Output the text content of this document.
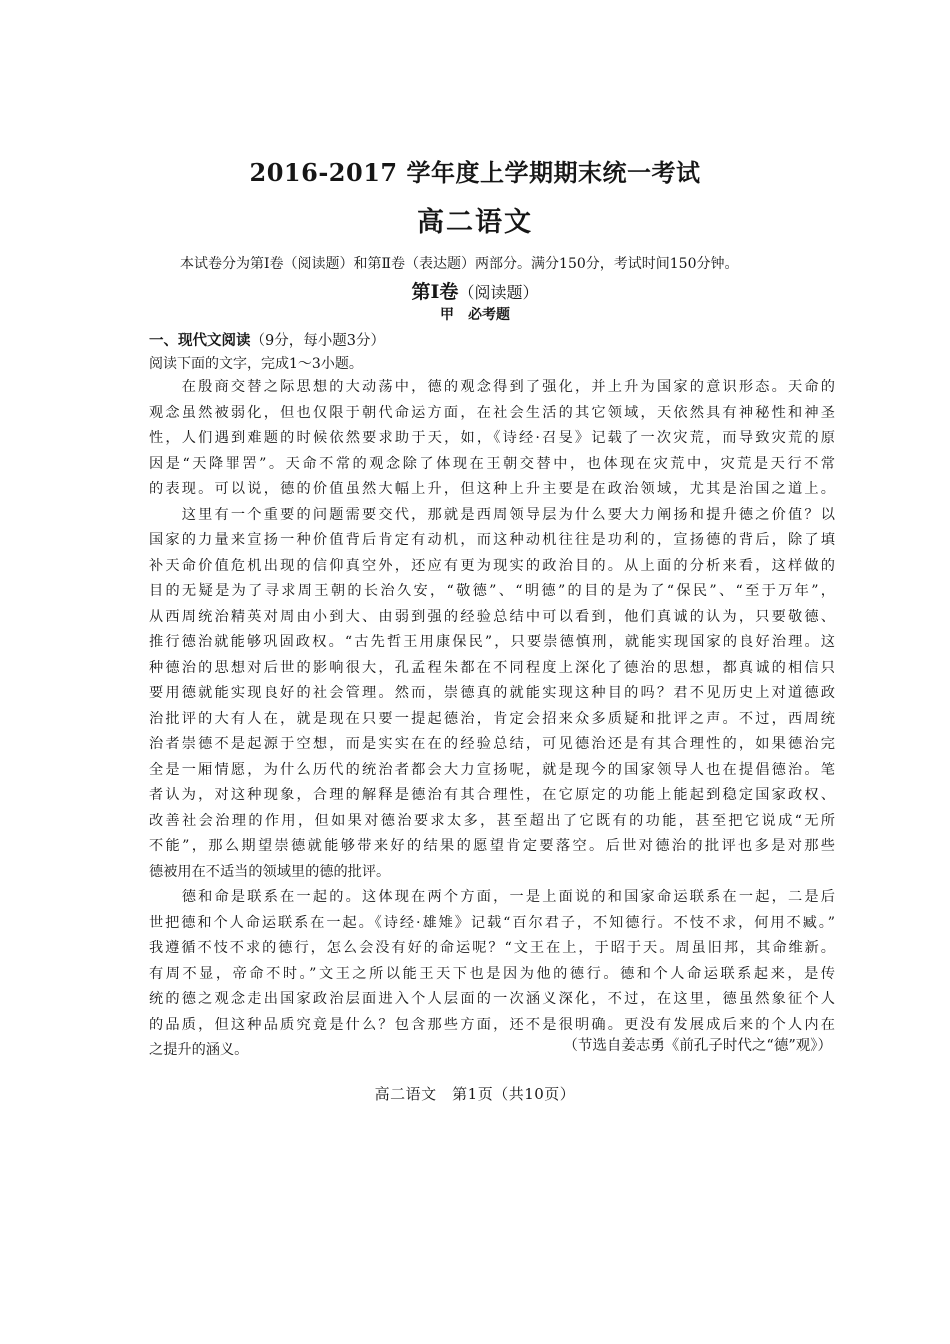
2016-2017 学年度上学期期末统一考试
高二语文
本试卷分为第Ⅰ卷（阅读题）和第Ⅱ卷（表达题）两部分。满分150分，考试时间150分钟。
第Ⅰ卷（阅读题）
甲　必考题
一、现代文阅读（9分，每小题3分）
阅读下面的文字，完成1～3小题。

　　在殷商交替之际思想的大动荡中，德的观念得到了强化，并上升为国家的意识形态。天命的
观念虽然被弱化，但也仅限于朝代命运方面，在社会生活的其它领域，天依然具有神秘性和神圣
性，人们遇到难题的时候依然要求助于天，如，《诗经·召旻》记载了一次灾荒，而导致灾荒的原
因是“天降罪罟”。天命不常的观念除了体现在王朝交替中，也体现在灾荒中，灾荒是天行不常
的表现。可以说，德的价值虽然大幅上升，但这种上升主要是在政治领域，尤其是治国之道上。

　　这里有一个重要的问题需要交代，那就是西周领导层为什么要大力阐扬和提升德之价值？以
国家的力量来宣扬一种价值背后肯定有动机，而这种动机往往是功利的，宣扬德的背后，除了填
补天命价值危机出现的信仰真空外，还应有更为现实的政治目的。从上面的分析来看，这样做的
目的无疑是为了寻求周王朝的长治久安，“敬德”、“明德”的目的是为了“保民”、“至于万年”，
从西周统治精英对周由小到大、由弱到强的经验总结中可以看到，他们真诚的认为，只要敬德、
推行德治就能够巩固政权。“古先哲王用康保民”，只要崇德慎刑，就能实现国家的良好治理。这
种德治的思想对后世的影响很大，孔孟程朱都在不同程度上深化了德治的思想，都真诚的相信只
要用德就能实现良好的社会管理。然而，崇德真的就能实现这种目的吗？君不见历史上对道德政
治批评的大有人在，就是现在只要一提起德治，肯定会招来众多质疑和批评之声。不过，西周统
治者崇德不是起源于空想，而是实实在在的经验总结，可见德治还是有其合理性的，如果德治完
全是一厢情愿，为什么历代的统治者都会大力宣扬呢，就是现今的国家领导人也在提倡德治。笔
者认为，对这种现象，合理的解释是德治有其合理性，在它原定的功能上能起到稳定国家政权、
改善社会治理的作用，但如果对德治要求太多，甚至超出了它既有的功能，甚至把它说成“无所
不能”，那么期望崇德就能够带来好的结果的愿望肯定要落空。后世对德治的批评也多是对那些
德被用在不适当的领域里的德的批评。

　　德和命是联系在一起的。这体现在两个方面，一是上面说的和国家命运联系在一起，二是后
世把德和个人命运联系在一起。《诗经·雄雉》记载“百尔君子，不知德行。不忮不求，何用不臧。”
我遵循不忮不求的德行，怎么会没有好的命运呢？“文王在上，于昭于天。周虽旧邦，其命维新。
有周不显，帝命不时。”文王之所以能王天下也是因为他的德行。德和个人命运联系起来，是传
统的德之观念走出国家政治层面进入个人层面的一次涵义深化，不过，在这里，德虽然象征个人
的品质，但这种品质究竟是什么？包含那些方面，还不是很明确。更没有发展成后来的个人内在
之提升的涵义。	（节选自姜志勇《前孔子时代之“德”观》）
高二语文　第1页（共10页）
